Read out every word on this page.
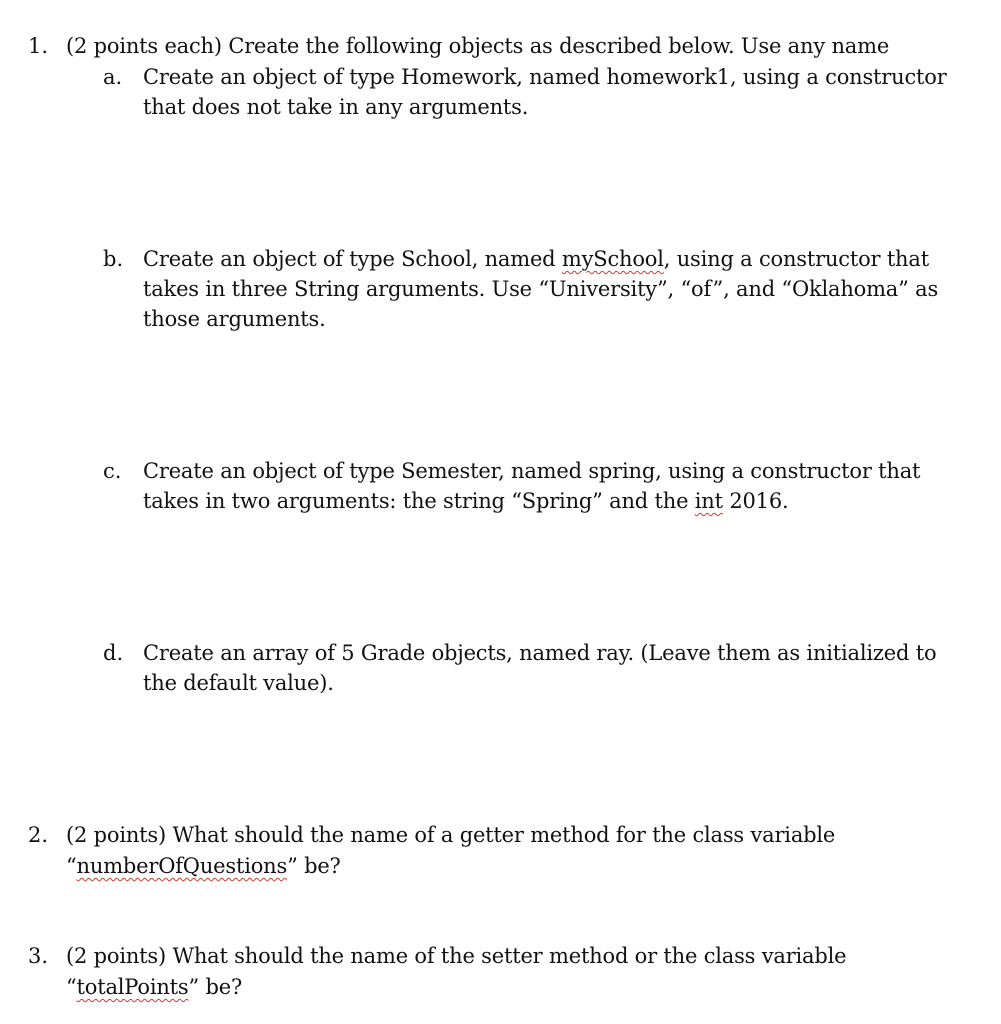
1. (2 points each) Create the following objects as described below. Use any name
a. Create an object of type Homework, named homework1, using a constructor
that does not take in any arguments.
b. Create an object of type School, named mySchool, using a constructor that
takes in three String arguments. Use “University”, “of”, and “Oklahoma” as
those arguments.
c. Create an object of type Semester, named spring, using a constructor that
takes in two arguments: the string “Spring” and the int 2016.
d. Create an array of 5 Grade objects, named ray. (Leave them as initialized to
the default value).
2. (2 points) What should the name of a getter method for the class variable
“numberOfQuestions” be?
3. (2 points) What should the name of the setter method or the class variable
“totalPoints” be?
